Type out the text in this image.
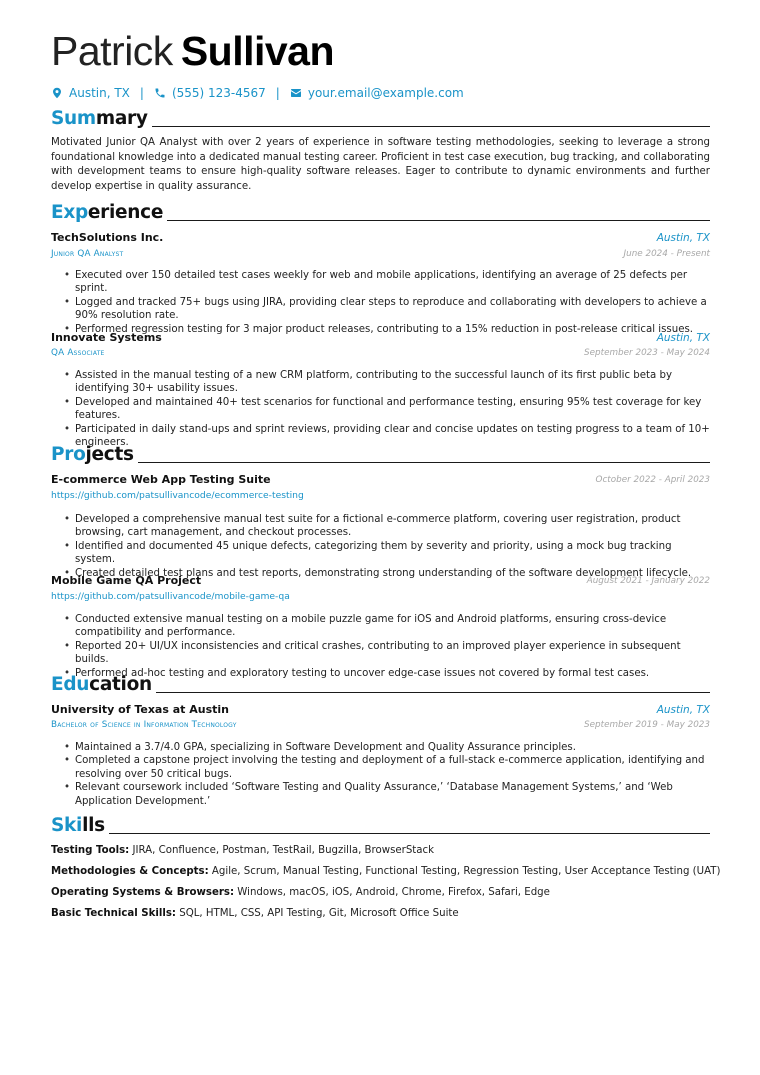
Patrick Sullivan
Austin, TX | (555) 123-4567 | your.email@example.com
Summary
Motivated Junior QA Analyst with over 2 years of experience in software testing methodologies, seeking to leverage a strong foundational knowledge into a dedicated manual testing career. Proficient in test case execution, bug tracking, and collaborating with development teams to ensure high-quality software releases. Eager to contribute to dynamic environments and further develop expertise in quality assurance.
Experience
TechSolutions Inc.	Austin, TX
Junior QA Analyst	June 2024 - Present
• Executed over 150 detailed test cases weekly for web and mobile applications, identifying an average of 25 defects per sprint.
• Logged and tracked 75+ bugs using JIRA, providing clear steps to reproduce and collaborating with developers to achieve a 90% resolution rate.
• Performed regression testing for 3 major product releases, contributing to a 15% reduction in post-release critical issues.
Innovate Systems	Austin, TX
QA Associate	September 2023 - May 2024
• Assisted in the manual testing of a new CRM platform, contributing to the successful launch of its first public beta by identifying 30+ usability issues.
• Developed and maintained 40+ test scenarios for functional and performance testing, ensuring 95% test coverage for key features.
• Participated in daily stand-ups and sprint reviews, providing clear and concise updates on testing progress to a team of 10+ engineers.
Projects
E-commerce Web App Testing Suite	October 2022 - April 2023
https://github.com/patsullivancode/ecommerce-testing
• Developed a comprehensive manual test suite for a fictional e-commerce platform, covering user registration, product browsing, cart management, and checkout processes.
• Identified and documented 45 unique defects, categorizing them by severity and priority, using a mock bug tracking system.
• Created detailed test plans and test reports, demonstrating strong understanding of the software development lifecycle.
Mobile Game QA Project	August 2021 - January 2022
https://github.com/patsullivancode/mobile-game-qa
• Conducted extensive manual testing on a mobile puzzle game for iOS and Android platforms, ensuring cross-device compatibility and performance.
• Reported 20+ UI/UX inconsistencies and critical crashes, contributing to an improved player experience in subsequent builds.
• Performed ad-hoc testing and exploratory testing to uncover edge-case issues not covered by formal test cases.
Education
University of Texas at Austin	Austin, TX
Bachelor of Science in Information Technology	September 2019 - May 2023
• Maintained a 3.7/4.0 GPA, specializing in Software Development and Quality Assurance principles.
• Completed a capstone project involving the testing and deployment of a full-stack e-commerce application, identifying and resolving over 50 critical bugs.
• Relevant coursework included ‘Software Testing and Quality Assurance,’ ‘Database Management Systems,’ and ‘Web Application Development.’
Skills
Testing Tools: JIRA, Confluence, Postman, TestRail, Bugzilla, BrowserStack
Methodologies & Concepts: Agile, Scrum, Manual Testing, Functional Testing, Regression Testing, User Acceptance Testing (UAT)
Operating Systems & Browsers: Windows, macOS, iOS, Android, Chrome, Firefox, Safari, Edge
Basic Technical Skills: SQL, HTML, CSS, API Testing, Git, Microsoft Office Suite
